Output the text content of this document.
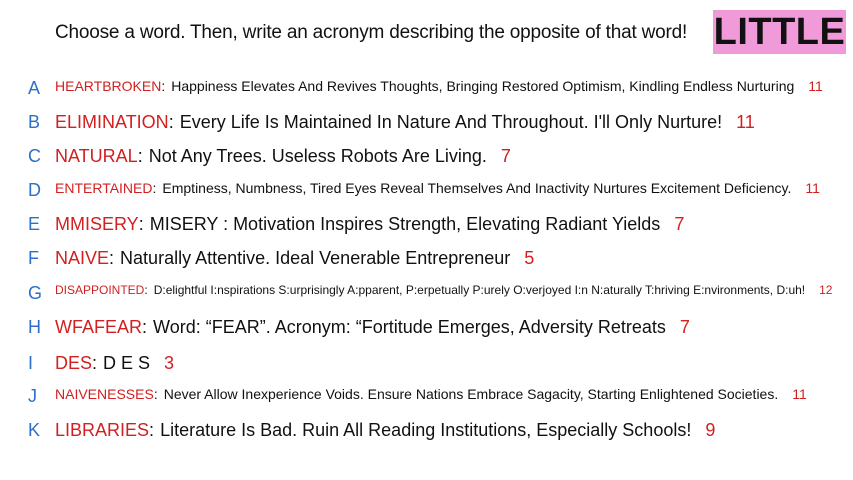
Choose a word. Then, write an acronym describing the opposite of that word! LITTLE
A HEARTBROKEN : Happiness Elevates And Revives Thoughts, Bringing Restored Optimism, Kindling Endless Nurturing 11
B ELIMINATION : Every Life Is Maintained In Nature And Throughout. I'll Only Nurture! 11
C NATURAL : Not Any Trees. Useless Robots Are Living. 7
D ENTERTAINED : Emptiness, Numbness, Tired Eyes Reveal Themselves And Inactivity Nurtures Excitement Deficiency. 11
E MMISERY : MISERY : Motivation Inspires Strength, Elevating Radiant Yields 7
F NAIVE : Naturally Attentive. Ideal Venerable Entrepreneur 5
G DISAPPOINTED : D:elightful I:nspirations S:urprisingly A:pparent, P:erpetually P:urely O:verjoyed I:n N:aturally T:hriving E:nvironments, D:uh! 12
H WFAFEAR : Word: “FEAR”. Acronym: “Fortitude Emerges, Adversity Retreats 7
I DES : D E S 3
J NAIVENESSES : Never Allow Inexperience Voids. Ensure Nations Embrace Sagacity, Starting Enlightened Societies. 11
K LIBRARIES : Literature Is Bad. Ruin All Reading Institutions, Especially Schools! 9
